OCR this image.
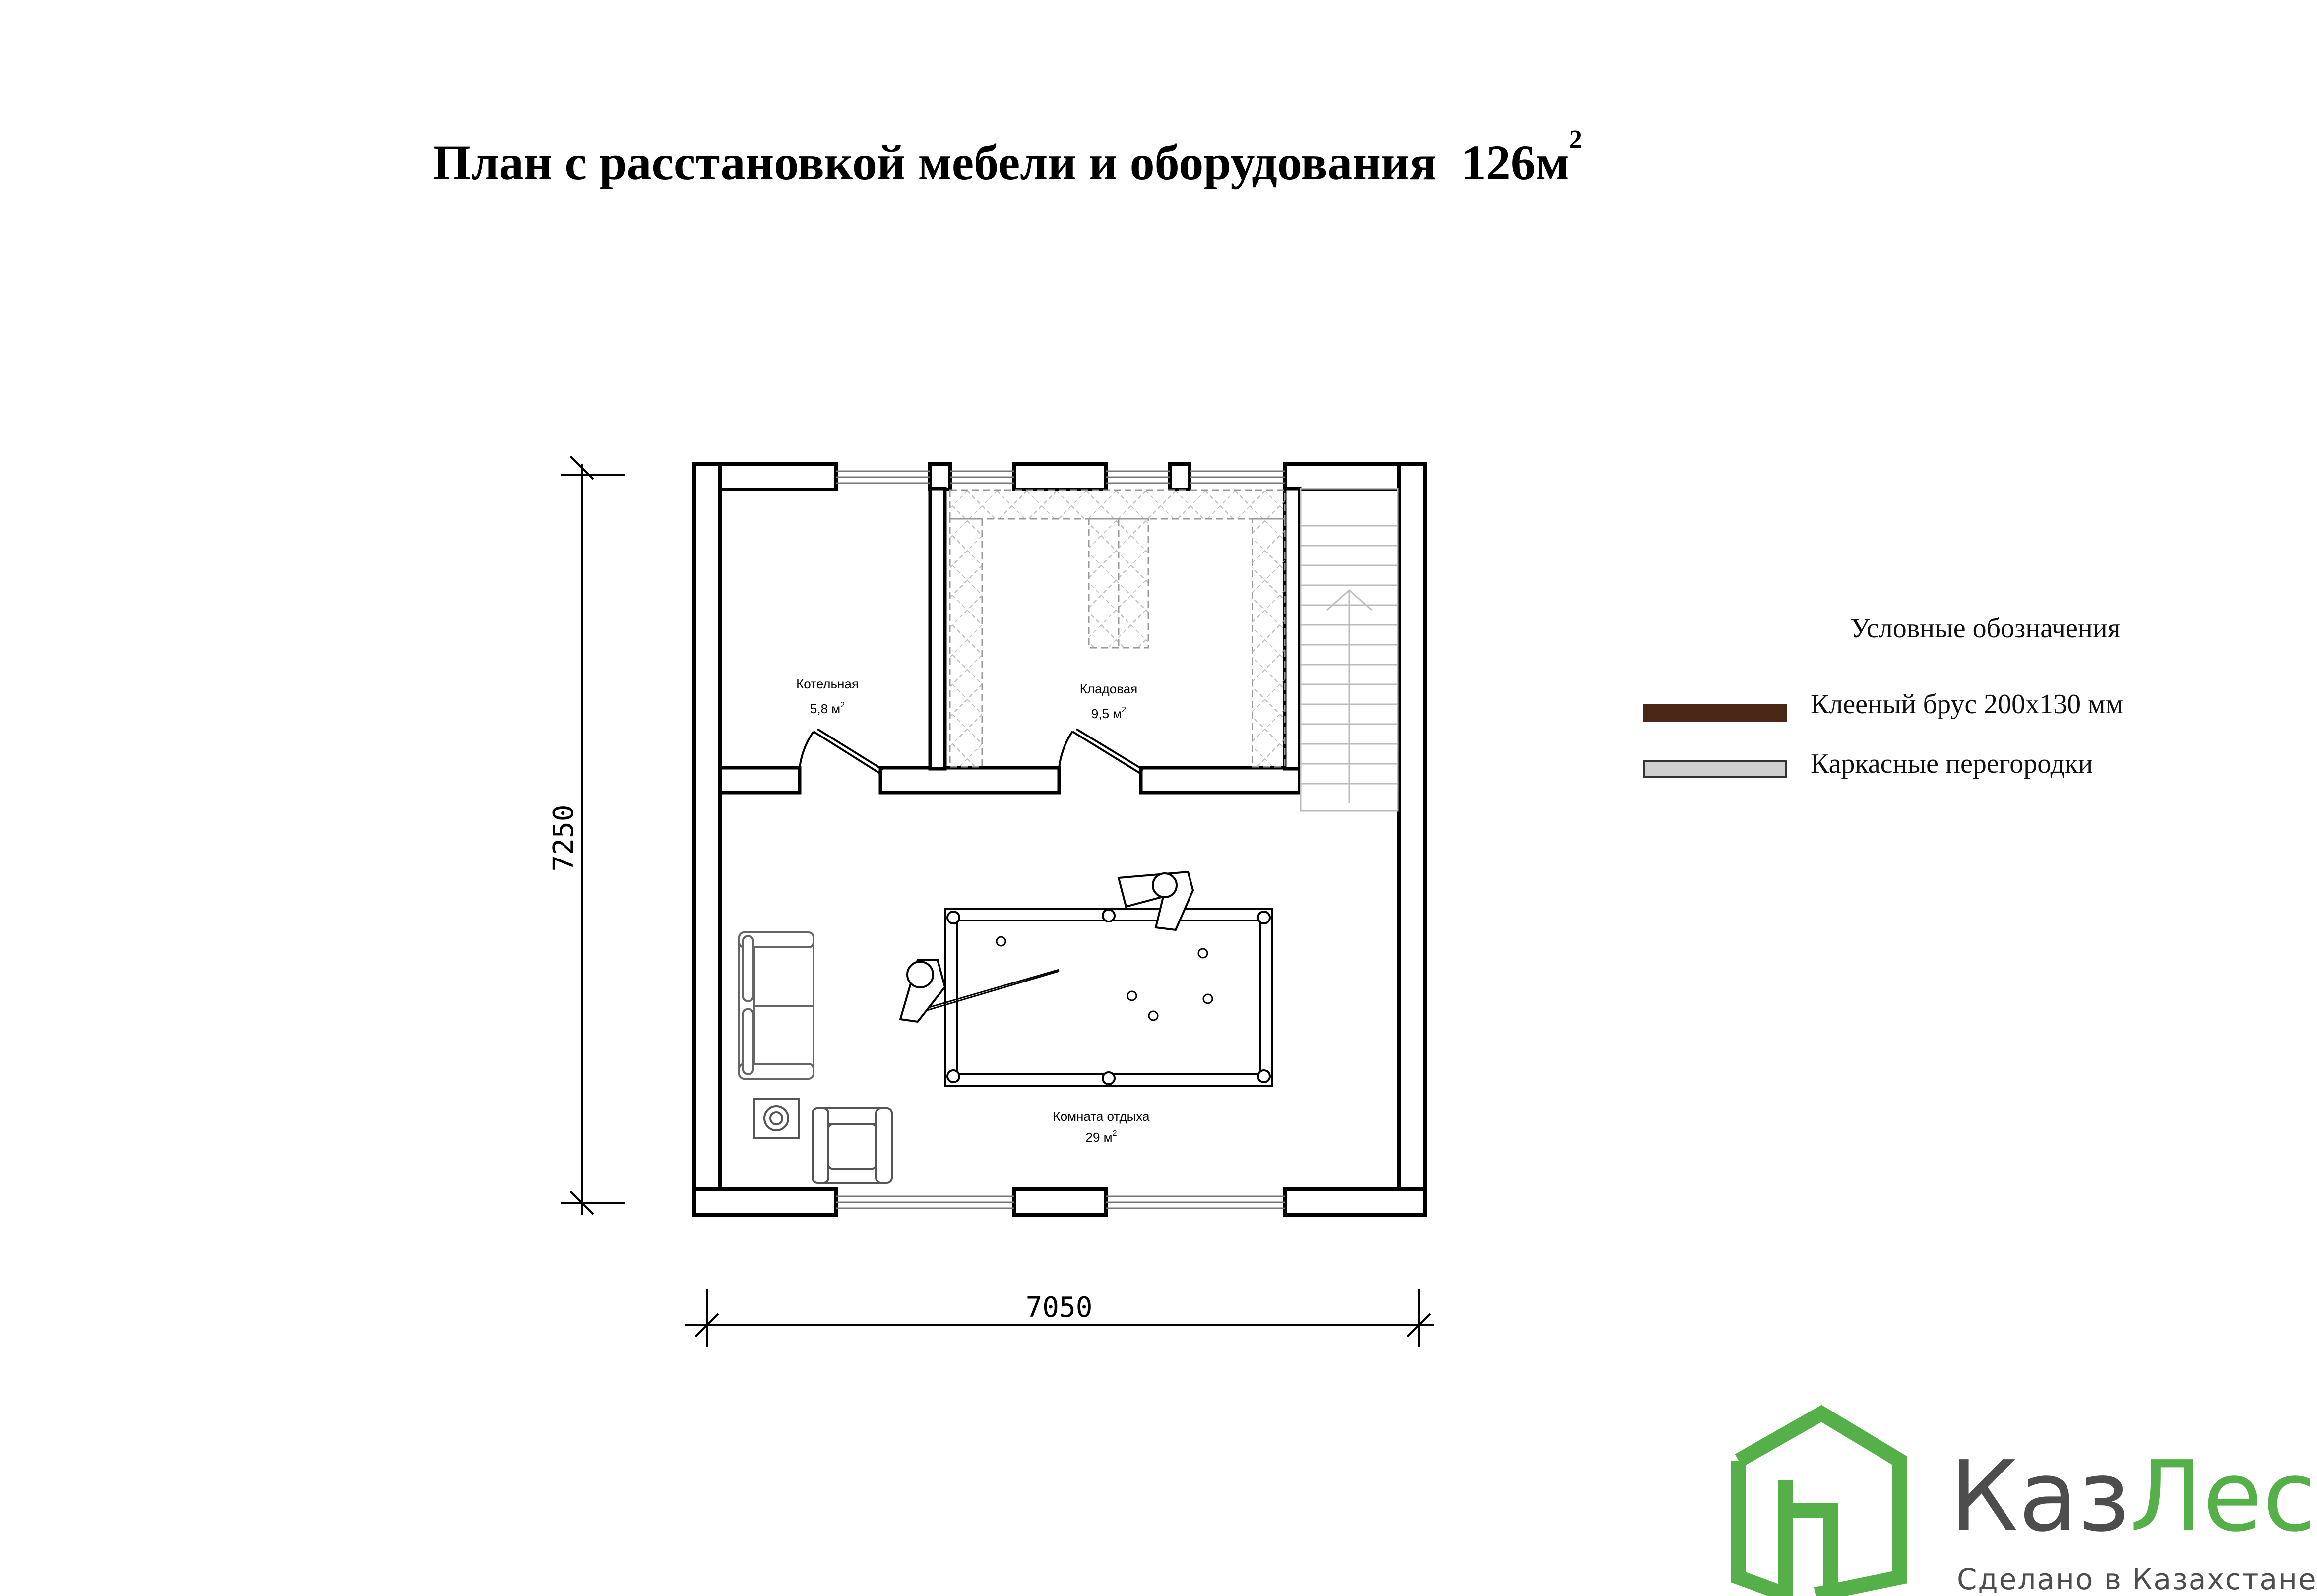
План с расстановкой мебели и оборудования $126м^2$
7250
7050
Котельная
5,8 $м^2$
Кладовая
9,5 $м^2$
Комната отдыха
29 $м^2$
Условные обозначения
Клееный брус 200х130 мм
Каркасные перегородки
КазЛес
Сделано в Казахстане
